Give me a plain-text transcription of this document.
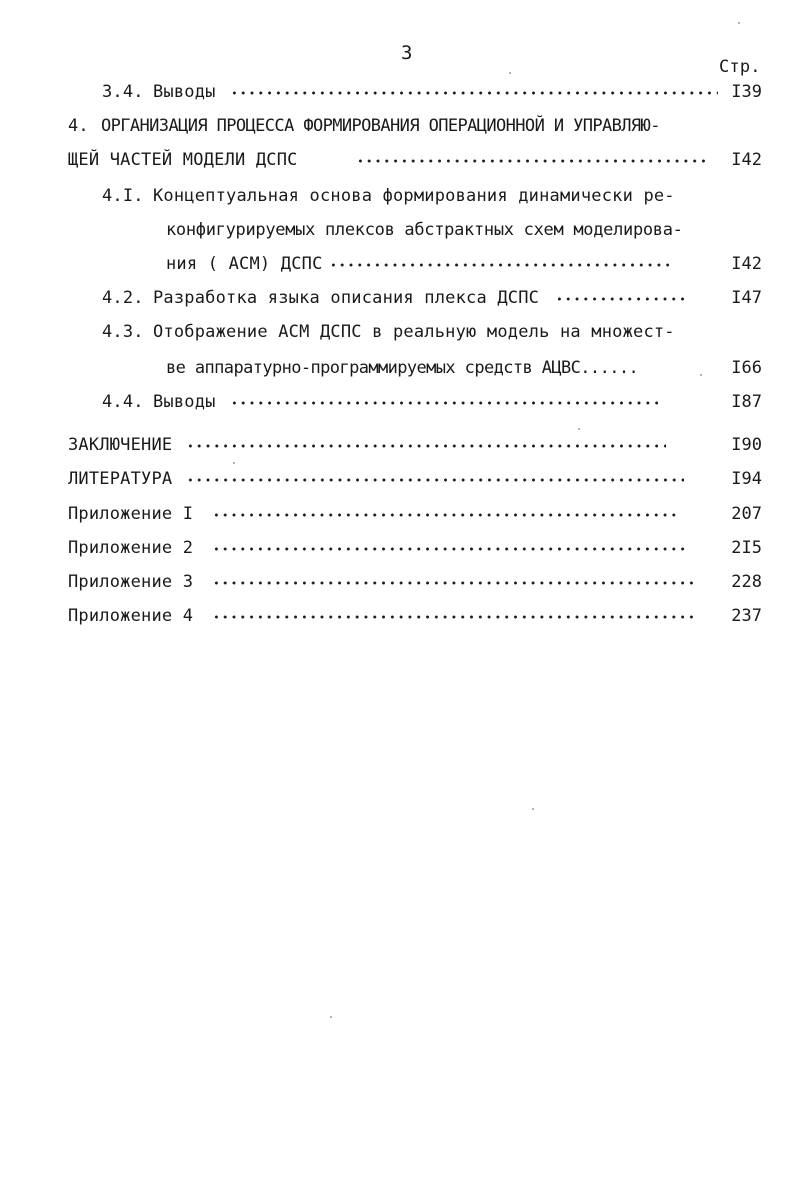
3
Стр.
3.4. Выводы	I39
4. ОРГАНИЗАЦИЯ ПРОЦЕССА ФОРМИРОВАНИЯ ОПЕРАЦИОННОЙ И УПРАВЛЯЮ-
ЩЕЙ ЧАСТЕЙ МОДЕЛИ ДСПС	I42
4.I. Концептуальная основа формирования динамически ре-
конфигурируемых плексов абстрактных схем моделирова-
ния ( АСМ) ДСПС	I42
4.2. Разработка языка описания плекса ДСПС	I47
4.3. Отображение АСМ ДСПС в реальную модель на множест-
ве аппаратурно-программируемых средств АЦВС......	I66
4.4. Выводы	I87
ЗАКЛЮЧЕНИЕ	I90
ЛИТЕРАТУРА	I94
Приложение I	207
Приложение 2	2I5
Приложение 3	228
Приложение 4	237
